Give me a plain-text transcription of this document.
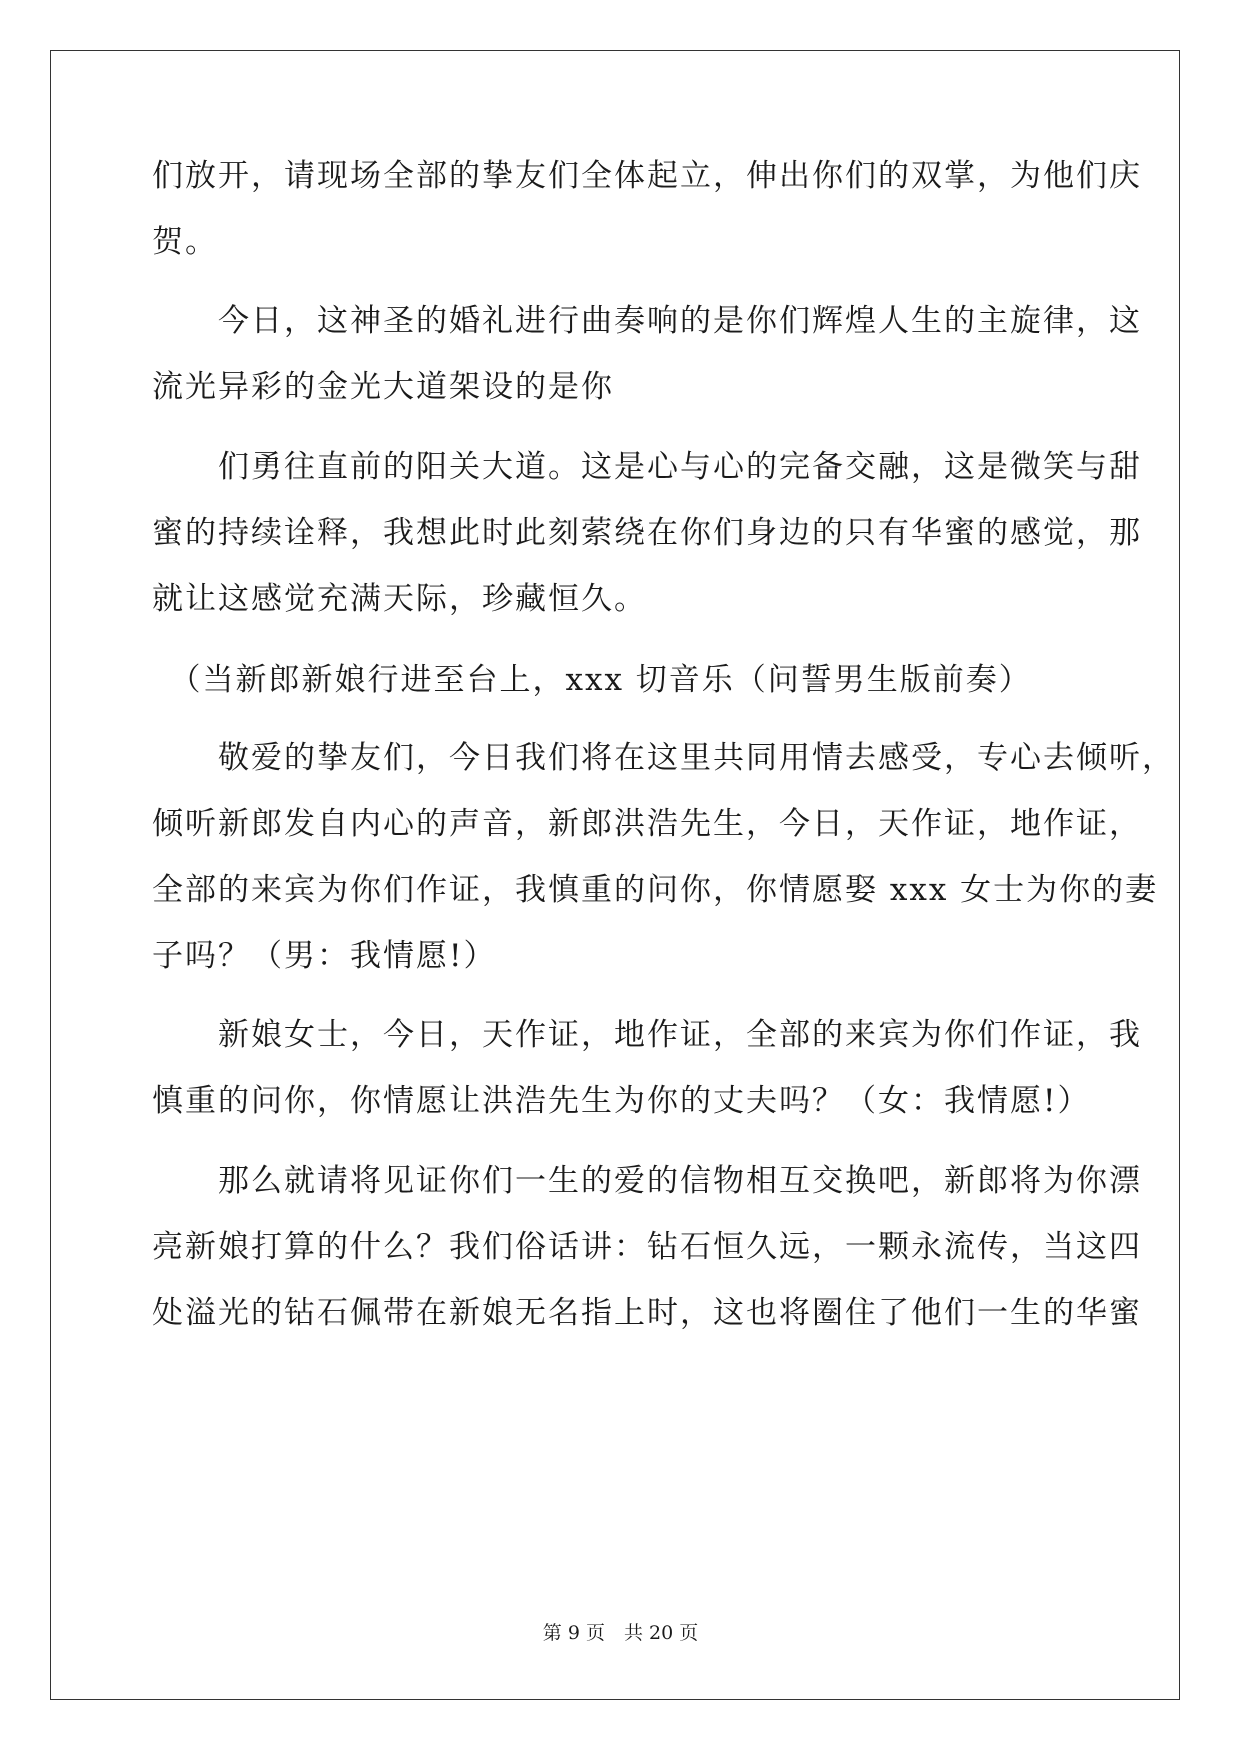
们放开，请现场全部的挚友们全体起立，伸出你们的双掌，为他们庆
贺。
　　今日，这神圣的婚礼进行曲奏响的是你们辉煌人生的主旋律，这
流光异彩的金光大道架设的是你
　　们勇往直前的阳关大道。这是心与心的完备交融，这是微笑与甜
蜜的持续诠释，我想此时此刻萦绕在你们身边的只有华蜜的感觉，那
就让这感觉充满天际，珍藏恒久。
　（当新郎新娘行进至台上，xxx 切音乐（问誓男生版前奏）
　　敬爱的挚友们，今日我们将在这里共同用情去感受，专心去倾听，
倾听新郎发自内心的声音，新郎洪浩先生，今日，天作证，地作证，
全部的来宾为你们作证，我慎重的问你，你情愿娶 xxx 女士为你的妻
子吗？（男：我情愿!）
　　新娘女士，今日，天作证，地作证，全部的来宾为你们作证，我
慎重的问你，你情愿让洪浩先生为你的丈夫吗？（女：我情愿!）
　　那么就请将见证你们一生的爱的信物相互交换吧，新郎将为你漂
亮新娘打算的什么？我们俗话讲：钻石恒久远，一颗永流传，当这四
处溢光的钻石佩带在新娘无名指上时，这也将圈住了他们一生的华蜜
第 9 页　共 20 页
